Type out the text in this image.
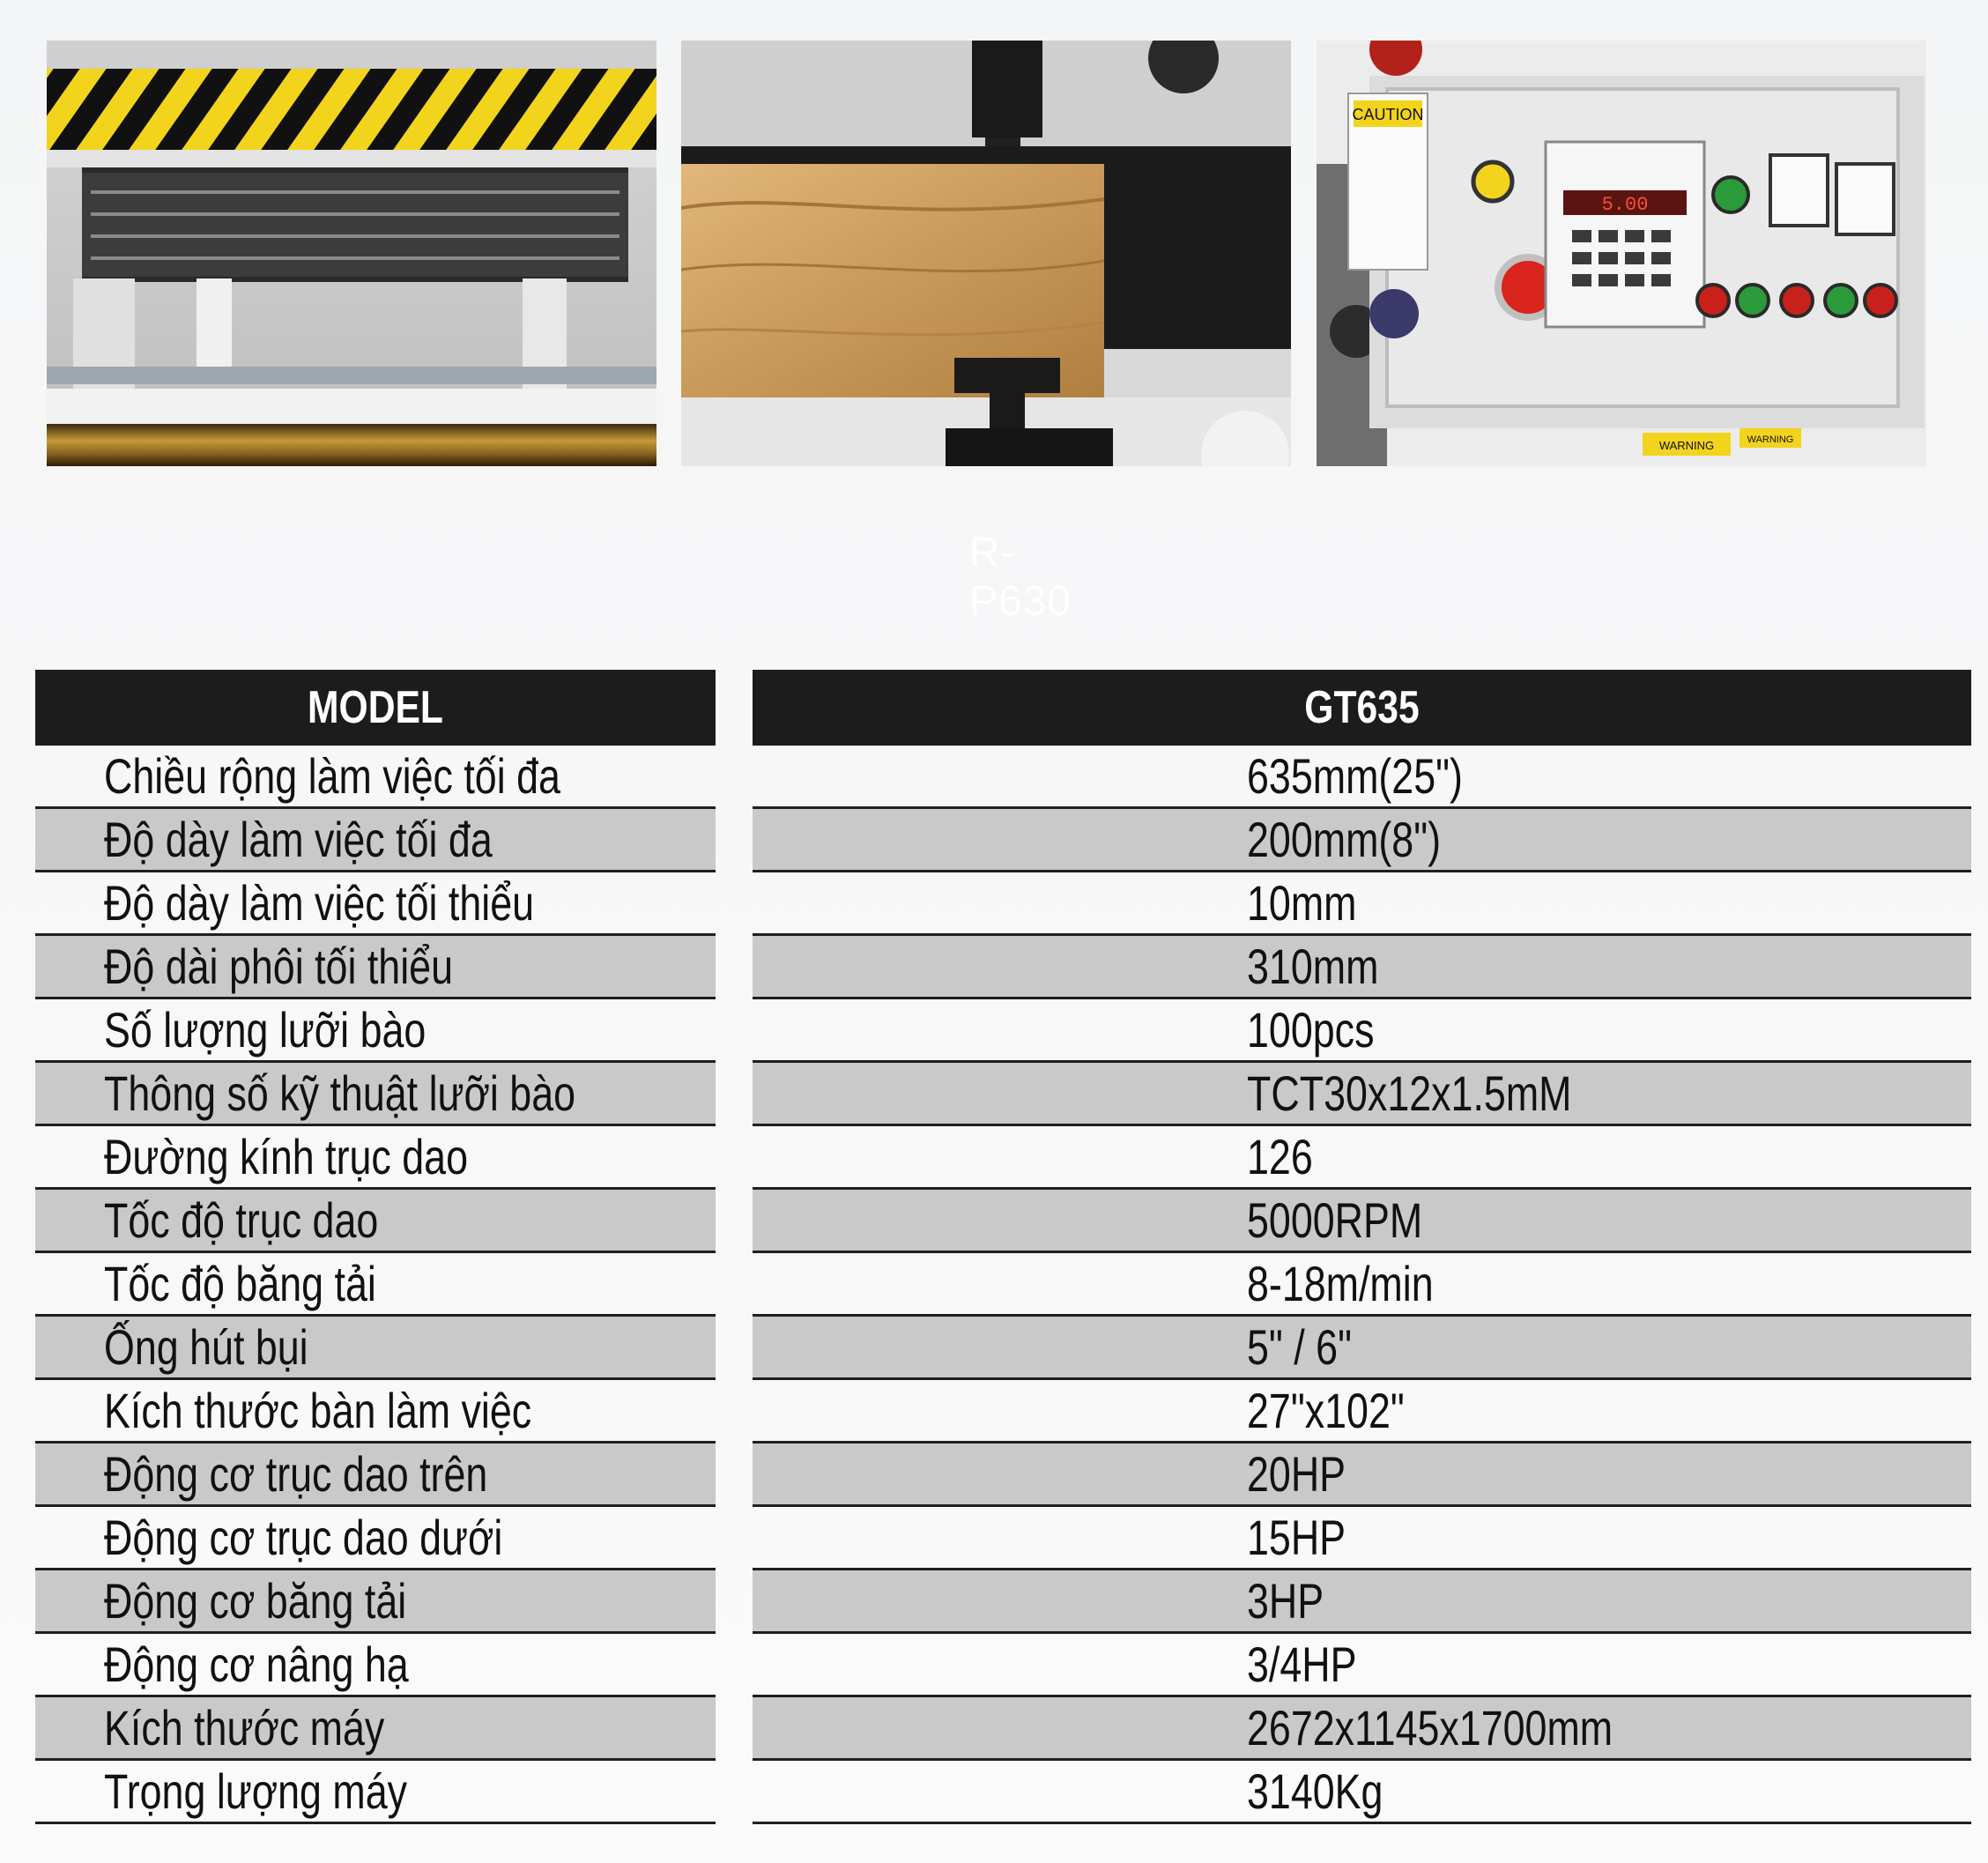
CAUTION
5.00
WARNING	WARNING
R-P630
MODEL
Chiều rộng làm việc tối đa
Độ dày làm việc tối đa
Độ dày làm việc tối thiểu
Độ dài phôi tối thiểu
Số lượng lưỡi bào
Thông số kỹ thuật lưỡi bào
Đường kính trục dao
Tốc độ trục dao
Tốc độ băng tải
Ống hút bụi
Kích thước bàn làm việc
Động cơ trục dao trên
Động cơ trục dao dưới
Động cơ băng tải
Động cơ nâng hạ
Kích thước máy
Trọng lượng máy
GT635
635mm(25")
200mm(8")
10mm
310mm
100pcs
TCT30x12x1.5mM
126
5000RPM
8-18m/min
5" / 6"
27"x102"
20HP
15HP
3HP
3/4HP
2672x1145x1700mm
3140Kg
